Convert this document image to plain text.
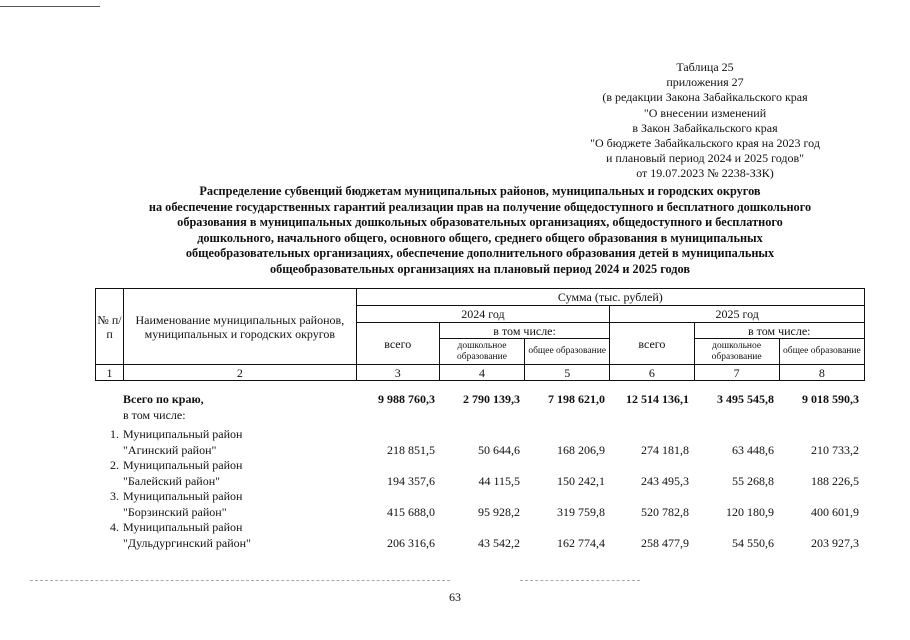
Таблица 25
приложения 27
(в редакции Закона Забайкальского края
"О внесении изменений
в Закон Забайкальского края
"О бюджете Забайкальского края на 2023 год
и плановый период 2024 и 2025 годов"
от 19.07.2023 № 2238-ЗЗК)
Распределение субвенций бюджетам муниципальных районов, муниципальных и городских округов
на обеспечение государственных гарантий реализации прав на получение общедоступного и бесплатного дошкольного
образования в муниципальных дошкольных образовательных организациях, общедоступного и бесплатного
дошкольного, начального общего, основного общего, среднего общего образования в муниципальных
общеобразовательных организациях, обеспечение дополнительного образования детей в муниципальных
общеобразовательных организациях на плановый период 2024 и 2025 годов
№ п/п	Наименование муниципальных районов, муниципальных и городских округов	Сумма (тыс. рублей)					
		2024 год			2025 год		
		всего	в том числе:		всего	в том числе:	
			дошкольное образование	общее образование		дошкольное образование	общее образование
1	2	3	4	5	6	7	8
Всего по краю,	9 988 760,3	2 790 139,3	7 198 621,0	12 514 136,1	3 495 545,8	9 018 590,3
в том числе:
1. Муниципальный район
"Агинский район"	218 851,5	50 644,6	168 206,9	274 181,8	63 448,6	210 733,2
2. Муниципальный район
"Балейский район"	194 357,6	44 115,5	150 242,1	243 495,3	55 268,8	188 226,5
3. Муниципальный район
"Борзинский район"	415 688,0	95 928,2	319 759,8	520 782,8	120 180,9	400 601,9
4. Муниципальный район
"Дульдургинский район"	206 316,6	43 542,2	162 774,4	258 477,9	54 550,6	203 927,3
63
